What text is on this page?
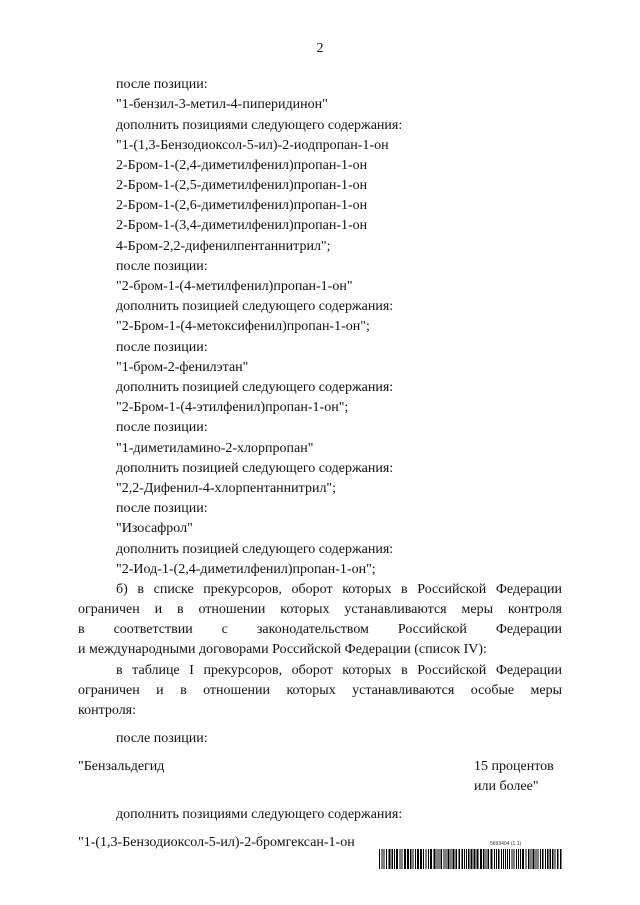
2
после позиции:
"1-бензил-3-метил-4-пиперидинон"
дополнить позициями следующего содержания:
"1-(1,3-Бензодиоксол-5-ил)-2-иодпропан-1-он
2-Бром-1-(2,4-диметилфенил)пропан-1-он
2-Бром-1-(2,5-диметилфенил)пропан-1-он
2-Бром-1-(2,6-диметилфенил)пропан-1-он
2-Бром-1-(3,4-диметилфенил)пропан-1-он
4-Бром-2,2-дифенилпентаннитрил";
после позиции:
"2-бром-1-(4-метилфенил)пропан-1-он"
дополнить позицией следующего содержания:
"2-Бром-1-(4-метоксифенил)пропан-1-он";
после позиции:
"1-бром-2-фенилэтан"
дополнить позицией следующего содержания:
"2-Бром-1-(4-этилфенил)пропан-1-он";
после позиции:
"1-диметиламино-2-хлорпропан"
дополнить позицией следующего содержания:
"2,2-Дифенил-4-хлорпентаннитрил";
после позиции:
"Изосафрол"
дополнить позицией следующего содержания:
"2-Иод-1-(2,4-диметилфенил)пропан-1-он";
б) в списке прекурсоров, оборот которых в Российской Федерации
ограничен и в отношении которых устанавливаются меры контроля
в соответствии с законодательством Российской Федерации
и международными договорами Российской Федерации (список IV):
в таблице I прекурсоров, оборот которых в Российской Федерации
ограничен и в отношении которых устанавливаются особые меры
контроля:
после позиции:
"Бензальдегид	15 процентов
или более"
дополнить позициями следующего содержания:
"1-(1,3-Бензодиоксол-5-ил)-2-бромгексан-1-он	5693404 (1.1)
